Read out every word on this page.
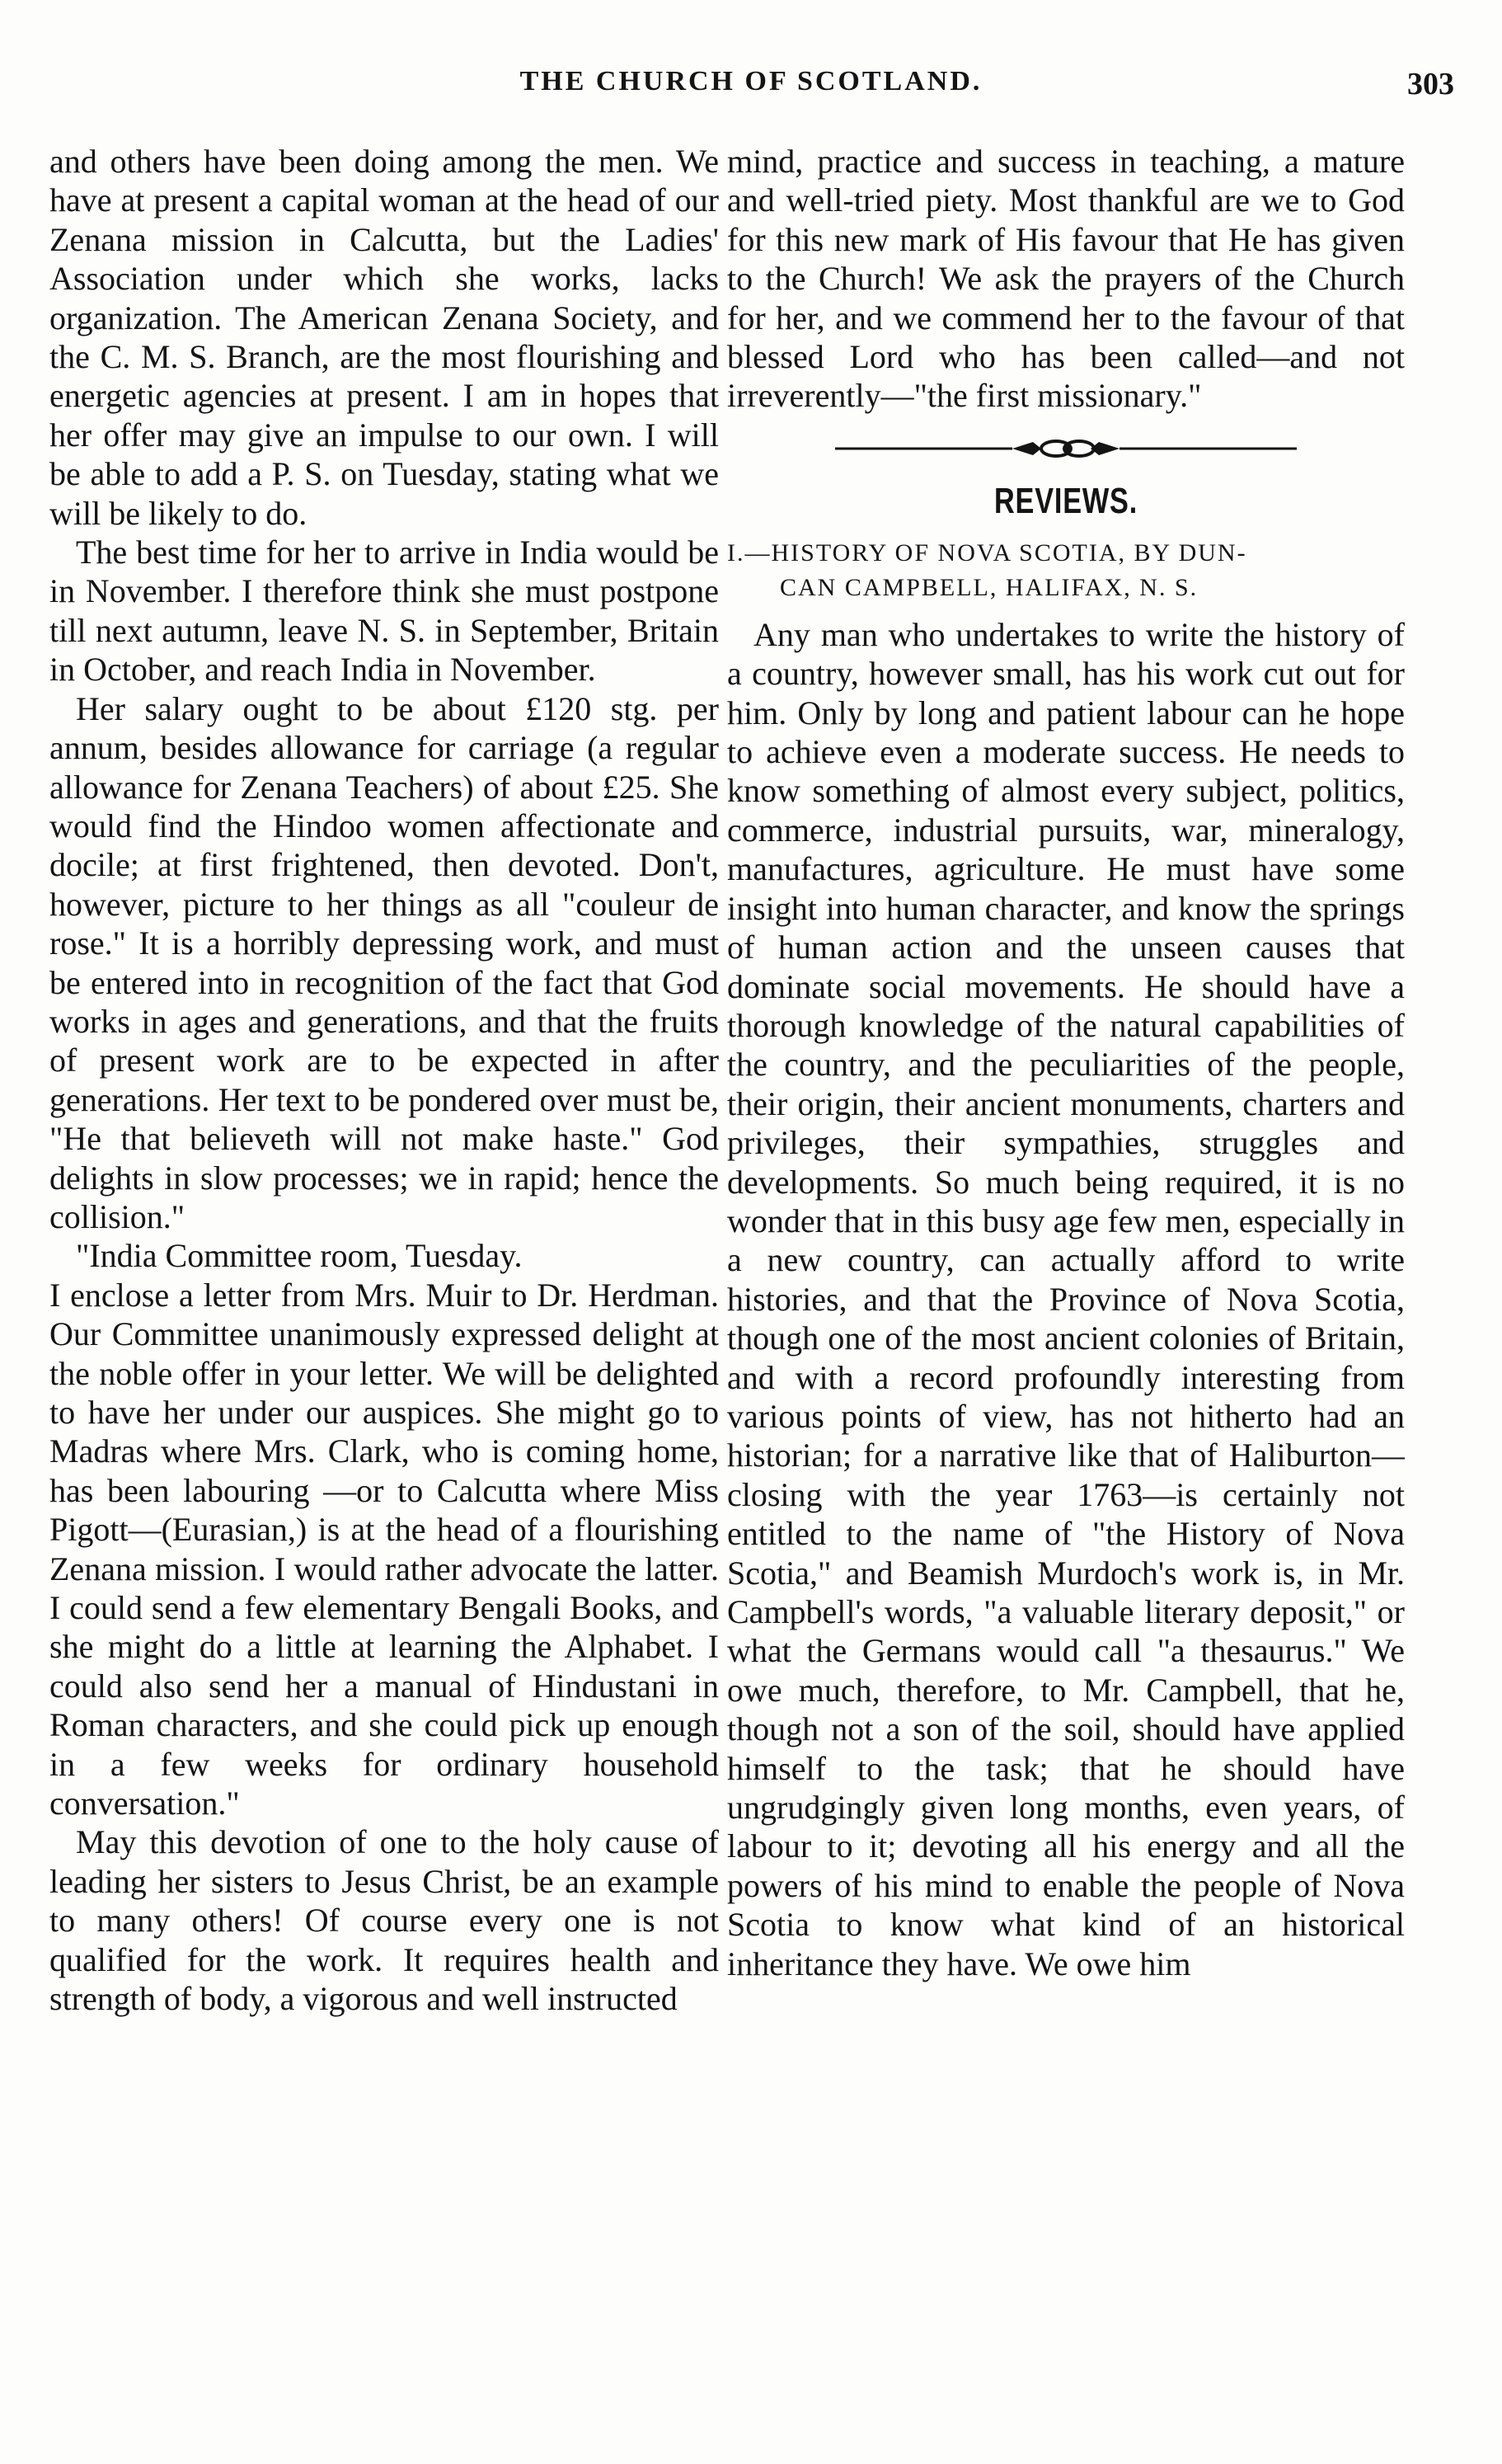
THE CHURCH OF SCOTLAND.	303

and others have been doing among the men. We have at present a capital woman at the head of our Zenana mission in Calcutta, but the Ladies' Association under which she works, lacks organization. The American Zenana Society, and the C. M. S. Branch, are the most flourishing and energetic agencies at present. I am in hopes that her offer may give an impulse to our own. I will be able to add a P. S. on Tuesday, stating what we will be likely to do.

The best time for her to arrive in India would be in November. I therefore think she must postpone till next autumn, leave N. S. in September, Britain in October, and reach India in November.

Her salary ought to be about £120 stg. per annum, besides allowance for carriage (a regular allowance for Zenana Teachers) of about £25. She would find the Hindoo women affectionate and docile; at first frightened, then devoted. Don't, however, picture to her things as all "couleur de rose." It is a horribly depressing work, and must be entered into in recognition of the fact that God works in ages and generations, and that the fruits of present work are to be expected in after generations. Her text to be pondered over must be, "He that believeth will not make haste." God delights in slow processes; we in rapid; hence the collision."

"India Committee room, Tuesday.

I enclose a letter from Mrs. Muir to Dr. Herdman. Our Committee unanimously expressed delight at the noble offer in your letter. We will be delighted to have her under our auspices. She might go to Madras where Mrs. Clark, who is coming home, has been labouring —or to Calcutta where Miss Pigott—(Eurasian,) is at the head of a flourishing Zenana mission. I would rather advocate the latter. I could send a few elementary Bengali Books, and she might do a little at learning the Alphabet. I could also send her a manual of Hindustani in Roman characters, and she could pick up enough in a few weeks for ordinary household conversation."

May this devotion of one to the holy cause of leading her sisters to Jesus Christ, be an example to many others! Of course every one is not qualified for the work. It requires health and strength of body, a vigorous and well instructed

mind, practice and success in teaching, a mature and well-tried piety. Most thankful are we to God for this new mark of His favour that He has given to the Church! We ask the prayers of the Church for her, and we commend her to the favour of that blessed Lord who has been called—and not irreverently—"the first missionary."

REVIEWS.
I.—HISTORY OF NOVA SCOTIA, BY DUN-
CAN CAMPBELL, HALIFAX, N. S.

Any man who undertakes to write the history of a country, however small, has his work cut out for him. Only by long and patient labour can he hope to achieve even a moderate success. He needs to know something of almost every subject, politics, commerce, industrial pursuits, war, mineralogy, manufactures, agriculture. He must have some insight into human character, and know the springs of human action and the unseen causes that dominate social movements. He should have a thorough knowledge of the natural capabilities of the country, and the peculiarities of the people, their origin, their ancient monuments, charters and privileges, their sympathies, struggles and developments. So much being required, it is no wonder that in this busy age few men, especially in a new country, can actually afford to write histories, and that the Province of Nova Scotia, though one of the most ancient colonies of Britain, and with a record profoundly interesting from various points of view, has not hitherto had an historian; for a narrative like that of Haliburton—closing with the year 1763—is certainly not entitled to the name of "the History of Nova Scotia," and Beamish Murdoch's work is, in Mr. Campbell's words, "a valuable literary deposit," or what the Germans would call "a thesaurus." We owe much, therefore, to Mr. Campbell, that he, though not a son of the soil, should have applied himself to the task; that he should have ungrudgingly given long months, even years, of labour to it; devoting all his energy and all the powers of his mind to enable the people of Nova Scotia to know what kind of an historical inheritance they have. We owe him
